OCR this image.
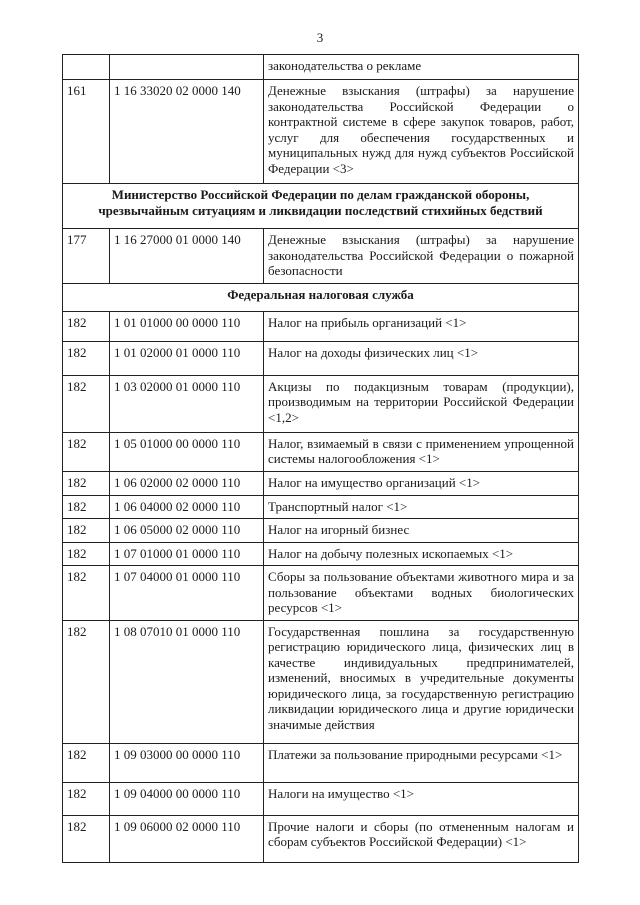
3
		законодательства о рекламе
161	1 16 33020 02 0000 140	Денежные взыскания (штрафы) за нарушение законодательства Российской Федерации о контрактной системе в сфере закупок товаров, работ, услуг для обеспечения государственных и муниципальных нужд для нужд субъектов Российской Федерации <3>
Министерство Российской Федерации по делам гражданской обороны, чрезвычайным ситуациям и ликвидации последствий стихийных бедствий		
177	1 16 27000 01 0000 140	Денежные взыскания (штрафы) за нарушение законодательства Российской Федерации о пожарной безопасности
Федеральная налоговая служба		
182	1 01 01000 00 0000 110	Налог на прибыль организаций <1>
182	1 01 02000 01 0000 110	Налог на доходы физических лиц <1>
182	1 03 02000 01 0000 110	Акцизы по подакцизным товарам (продукции), производимым на территории Российской Федерации <1,2>
182	1 05 01000 00 0000 110	Налог, взимаемый в связи с применением упрощенной системы налогообложения <1>
182	1 06 02000 02 0000 110	Налог на имущество организаций <1>
182	1 06 04000 02 0000 110	Транспортный налог <1>
182	1 06 05000 02 0000 110	Налог на игорный бизнес
182	1 07 01000 01 0000 110	Налог на добычу полезных ископаемых <1>
182	1 07 04000 01 0000 110	Сборы за пользование объектами животного мира и за пользование объектами водных биологических ресурсов <1>
182	1 08 07010 01 0000 110	Государственная пошлина за государственную регистрацию юридического лица, физических лиц в качестве индивидуальных предпринимателей, изменений, вносимых в учредительные документы юридического лица, за государственную регистрацию ликвидации юридического лица и другие юридически значимые действия
182	1 09 03000 00 0000 110	Платежи за пользование природными ресурсами <1>
182	1 09 04000 00 0000 110	Налоги на имущество <1>
182	1 09 06000 02 0000 110	Прочие налоги и сборы (по отмененным налогам и сборам субъектов Российской Федерации) <1>
